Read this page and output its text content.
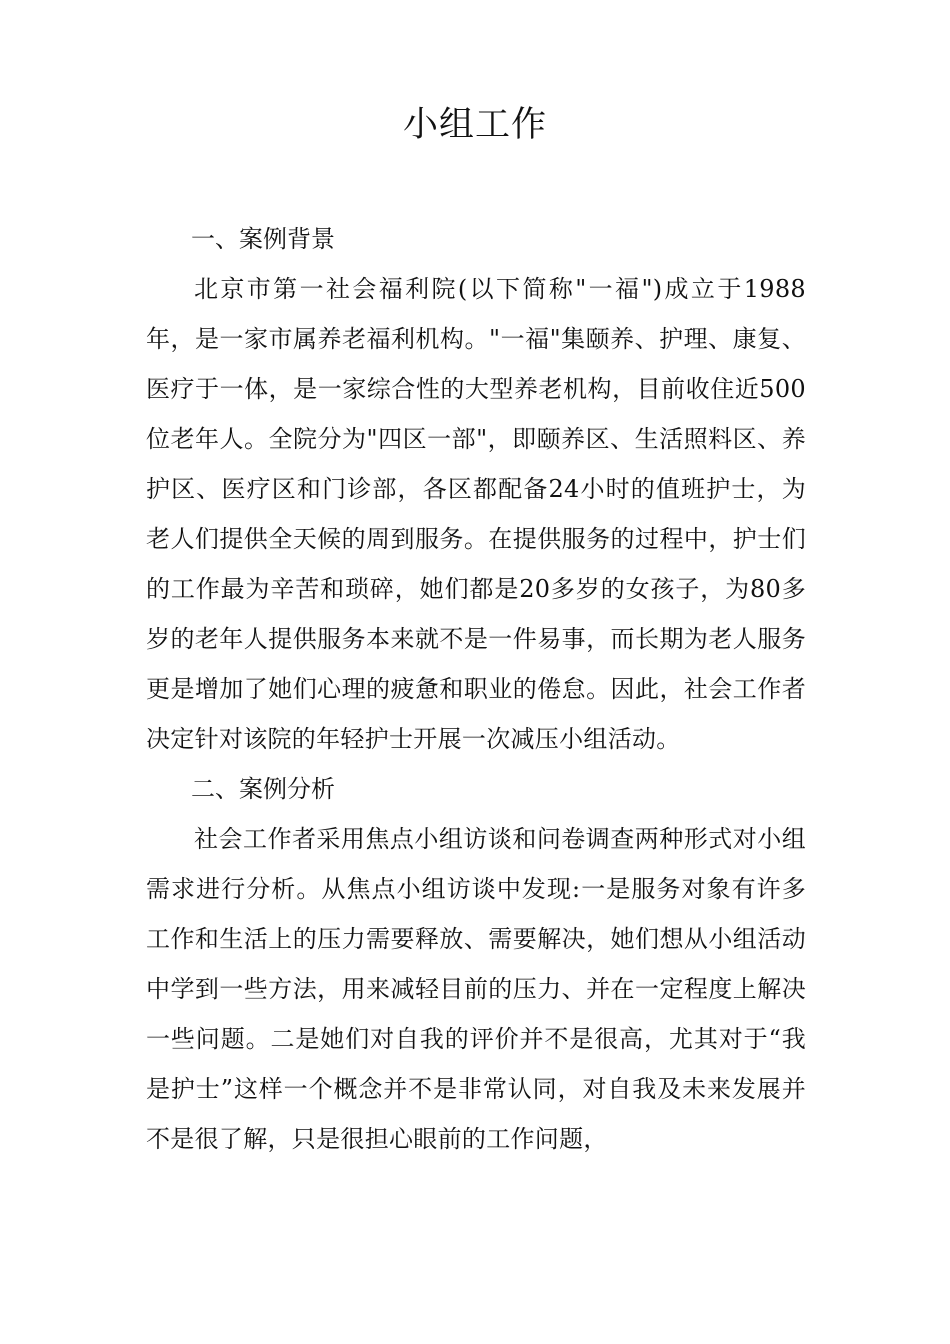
小组工作
一、案例背景

北京市第一社会福利院(以下简称"一福")成立于1988年，是一家市属养老福利机构。"一福"集颐养、护理、康复、医疗于一体，是一家综合性的大型养老机构，目前收住近500位老年人。全院分为"四区一部"，即颐养区、生活照料区、养护区、医疗区和门诊部，各区都配备24小时的值班护士，为老人们提供全天候的周到服务。在提供服务的过程中，护士们的工作最为辛苦和琐碎，她们都是20多岁的女孩子，为80多岁的老年人提供服务本来就不是一件易事，而长期为老人服务更是增加了她们心理的疲惫和职业的倦怠。因此，社会工作者决定针对该院的年轻护士开展一次减压小组活动。

二、案例分析

社会工作者采用焦点小组访谈和问卷调查两种形式对小组需求进行分析。从焦点小组访谈中发现:一是服务对象有许多工作和生活上的压力需要释放、需要解决，她们想从小组活动中学到一些方法，用来减轻目前的压力、并在一定程度上解决一些问题。二是她们对自我的评价并不是很高，尤其对于“我是护士”这样一个概念并不是非常认同，对自我及未来发展并不是很了解，只是很担心眼前的工作问题，
